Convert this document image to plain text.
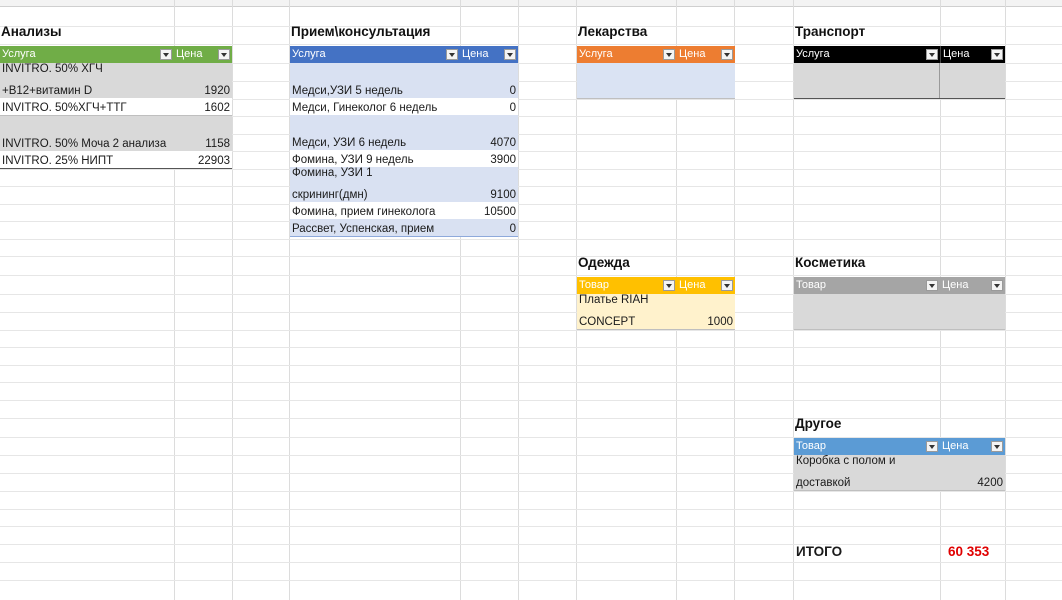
Анализы
Услуга	Цена
INVITRO. 50% ХГЧ
+B12+витамин D	1920
INVITRO. 50%ХГЧ+ТТГ	1602
INVITRO. 50% Моча 2 анализа	1158
INVITRO. 25% НИПТ	22903
Прием\консультация
Услуга	Цена
Медси,УЗИ 5 недель	0
Медси, Гинеколог 6 недель	0
Медси, УЗИ 6 недель	4070
Фомина, УЗИ 9 недель	3900
Фомина, УЗИ 1
скрининг(дмн)	9100
Фомина, прием гинеколога	10500
Рассвет, Успенская, прием	0
Лекарства
Услуга	Цена
Транспорт
Услуга	Цена
Одежда
Товар	Цена
Платье RIAH
CONCEPT	1000
Косметика
Товар	Цена
Другое
Товар	Цена
Коробка с полом и
доставкой	4200
ИТОГО	60 353
